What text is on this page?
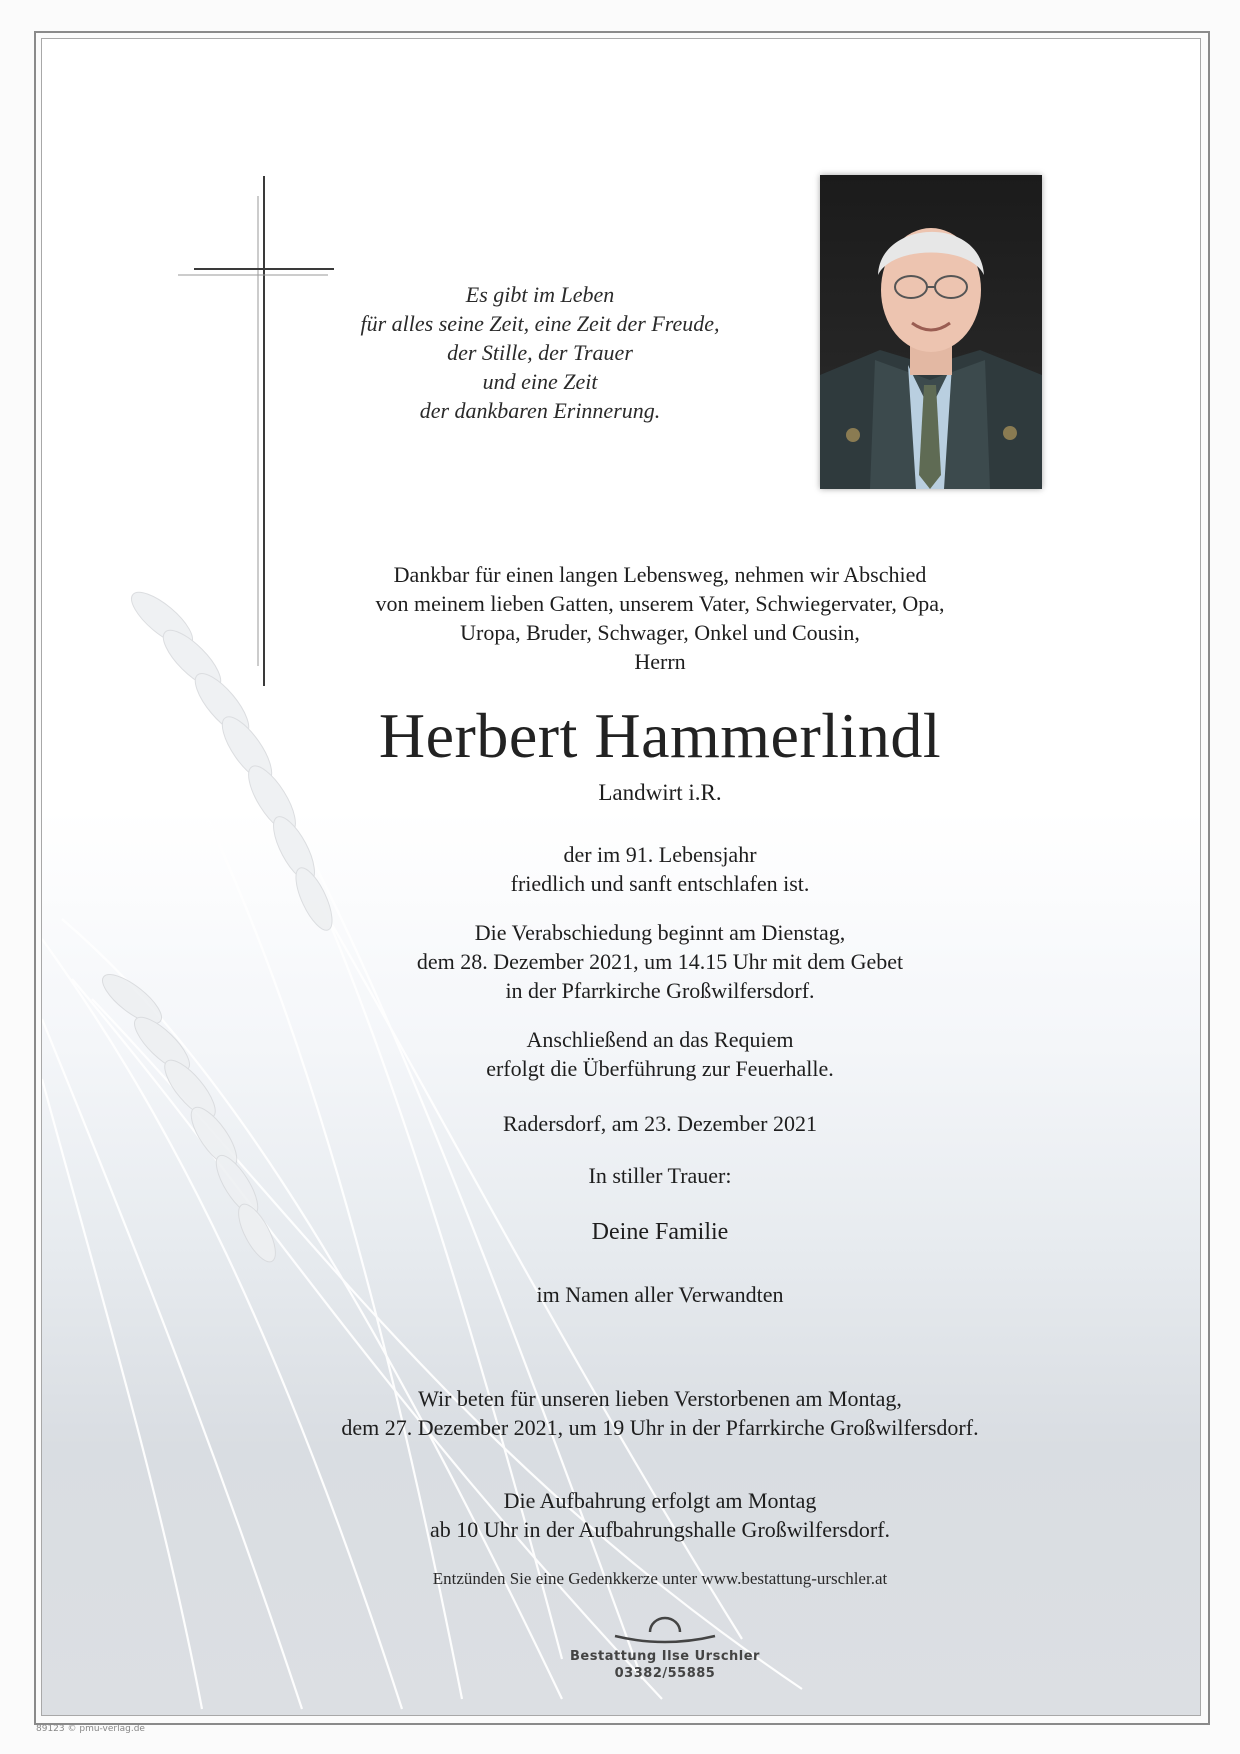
Es gibt im Leben
für alles seine Zeit, eine Zeit der Freude,
der Stille, der Trauer
und eine Zeit
der dankbaren Erinnerung.
Dankbar für einen langen Lebensweg, nehmen wir Abschied
von meinem lieben Gatten, unserem Vater, Schwiegervater, Opa,
Uropa, Bruder, Schwager, Onkel und Cousin,
Herrn
Herbert Hammerlindl
Landwirt i.R.
der im 91. Lebensjahr
friedlich und sanft entschlafen ist.
Die Verabschiedung beginnt am Dienstag,
dem 28. Dezember 2021, um 14.15 Uhr mit dem Gebet
in der Pfarrkirche Großwilfersdorf.
Anschließend an das Requiem
erfolgt die Überführung zur Feuerhalle.
Radersdorf, am 23. Dezember 2021
In stiller Trauer:
Deine Familie
im Namen aller Verwandten
Wir beten für unseren lieben Verstorbenen am Montag,
dem 27. Dezember 2021, um 19 Uhr in der Pfarrkirche Großwilfersdorf.
Die Aufbahrung erfolgt am Montag
ab 10 Uhr in der Aufbahrungshalle Großwilfersdorf.
Entzünden Sie eine Gedenkkerze unter www.bestattung-urschler.at
Bestattung Ilse Urschler
03382/55885
89123 © pmu-verlag.de
